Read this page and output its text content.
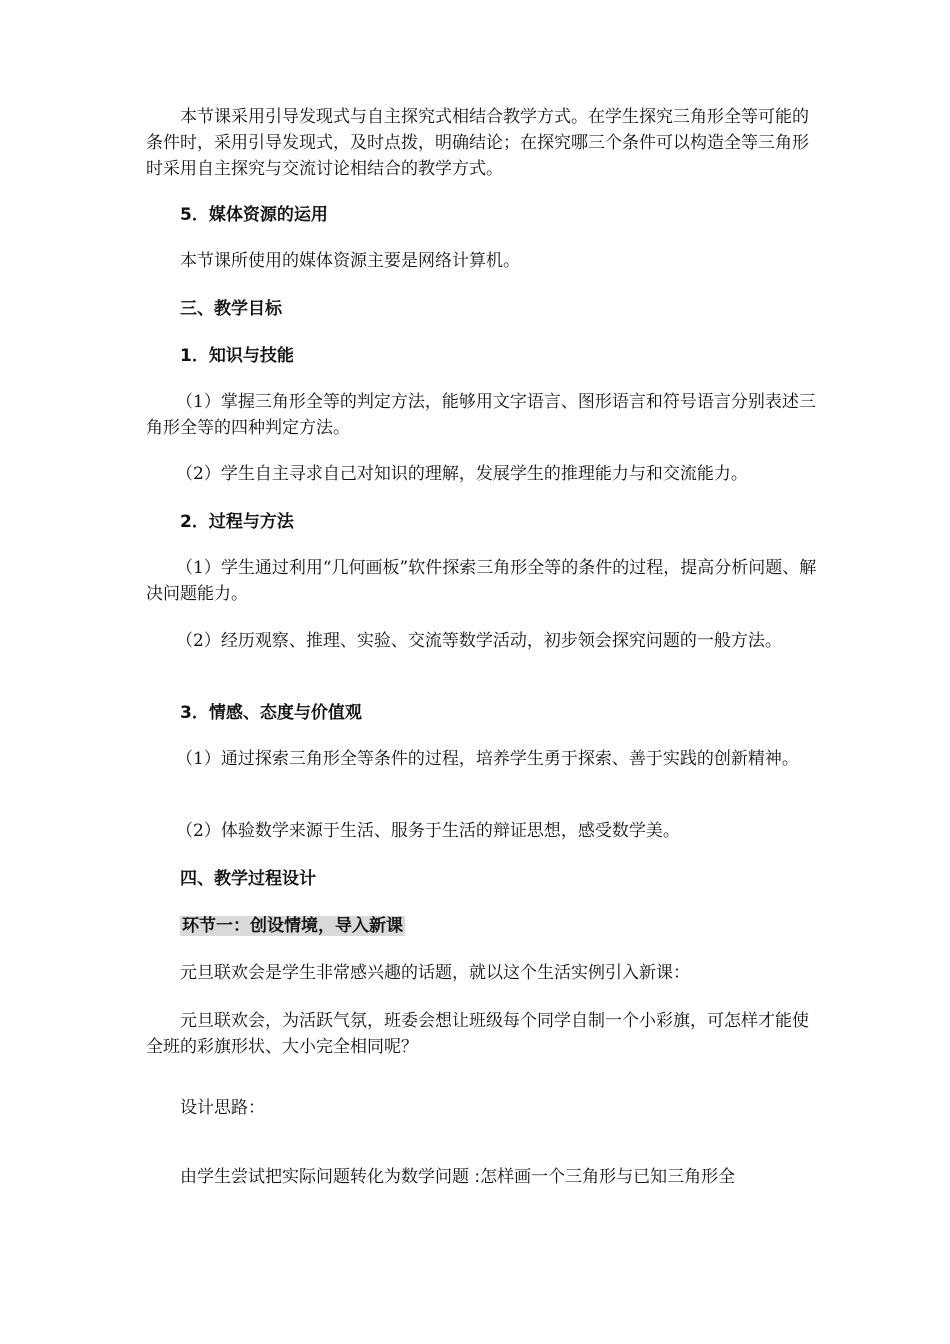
本节课采用引导发现式与自主探究式相结合教学方式。在学生探究三角形全等可能的条件时，采用引导发现式，及时点拨，明确结论；在探究哪三个条件可以构造全等三角形时采用自主探究与交流讨论相结合的教学方式。

5．媒体资源的运用

本节课所使用的媒体资源主要是网络计算机。

三、教学目标

1．知识与技能

（1）掌握三角形全等的判定方法，能够用文字语言、图形语言和符号语言分别表述三角形全等的四种判定方法。

（2）学生自主寻求自己对知识的理解，发展学生的推理能力与和交流能力。

2．过程与方法

（1）学生通过利用“几何画板”软件探索三角形全等的条件的过程，提高分析问题、解决问题能力。

（2）经历观察、推理、实验、交流等数学活动，初步领会探究问题的一般方法。

3．情感、态度与价值观

（1）通过探索三角形全等条件的过程，培养学生勇于探索、善于实践的创新精神。

（2）体验数学来源于生活、服务于生活的辩证思想，感受数学美。

四、教学过程设计

环节一：创设情境，导入新课

元旦联欢会是学生非常感兴趣的话题，就以这个生活实例引入新课：

元旦联欢会，为活跃气氛，班委会想让班级每个同学自制一个小彩旗，可怎样才能使全班的彩旗形状、大小完全相同呢？

设计思路：

由学生尝试把实际问题转化为数学问题 :怎样画一个三角形与已知三角形全
